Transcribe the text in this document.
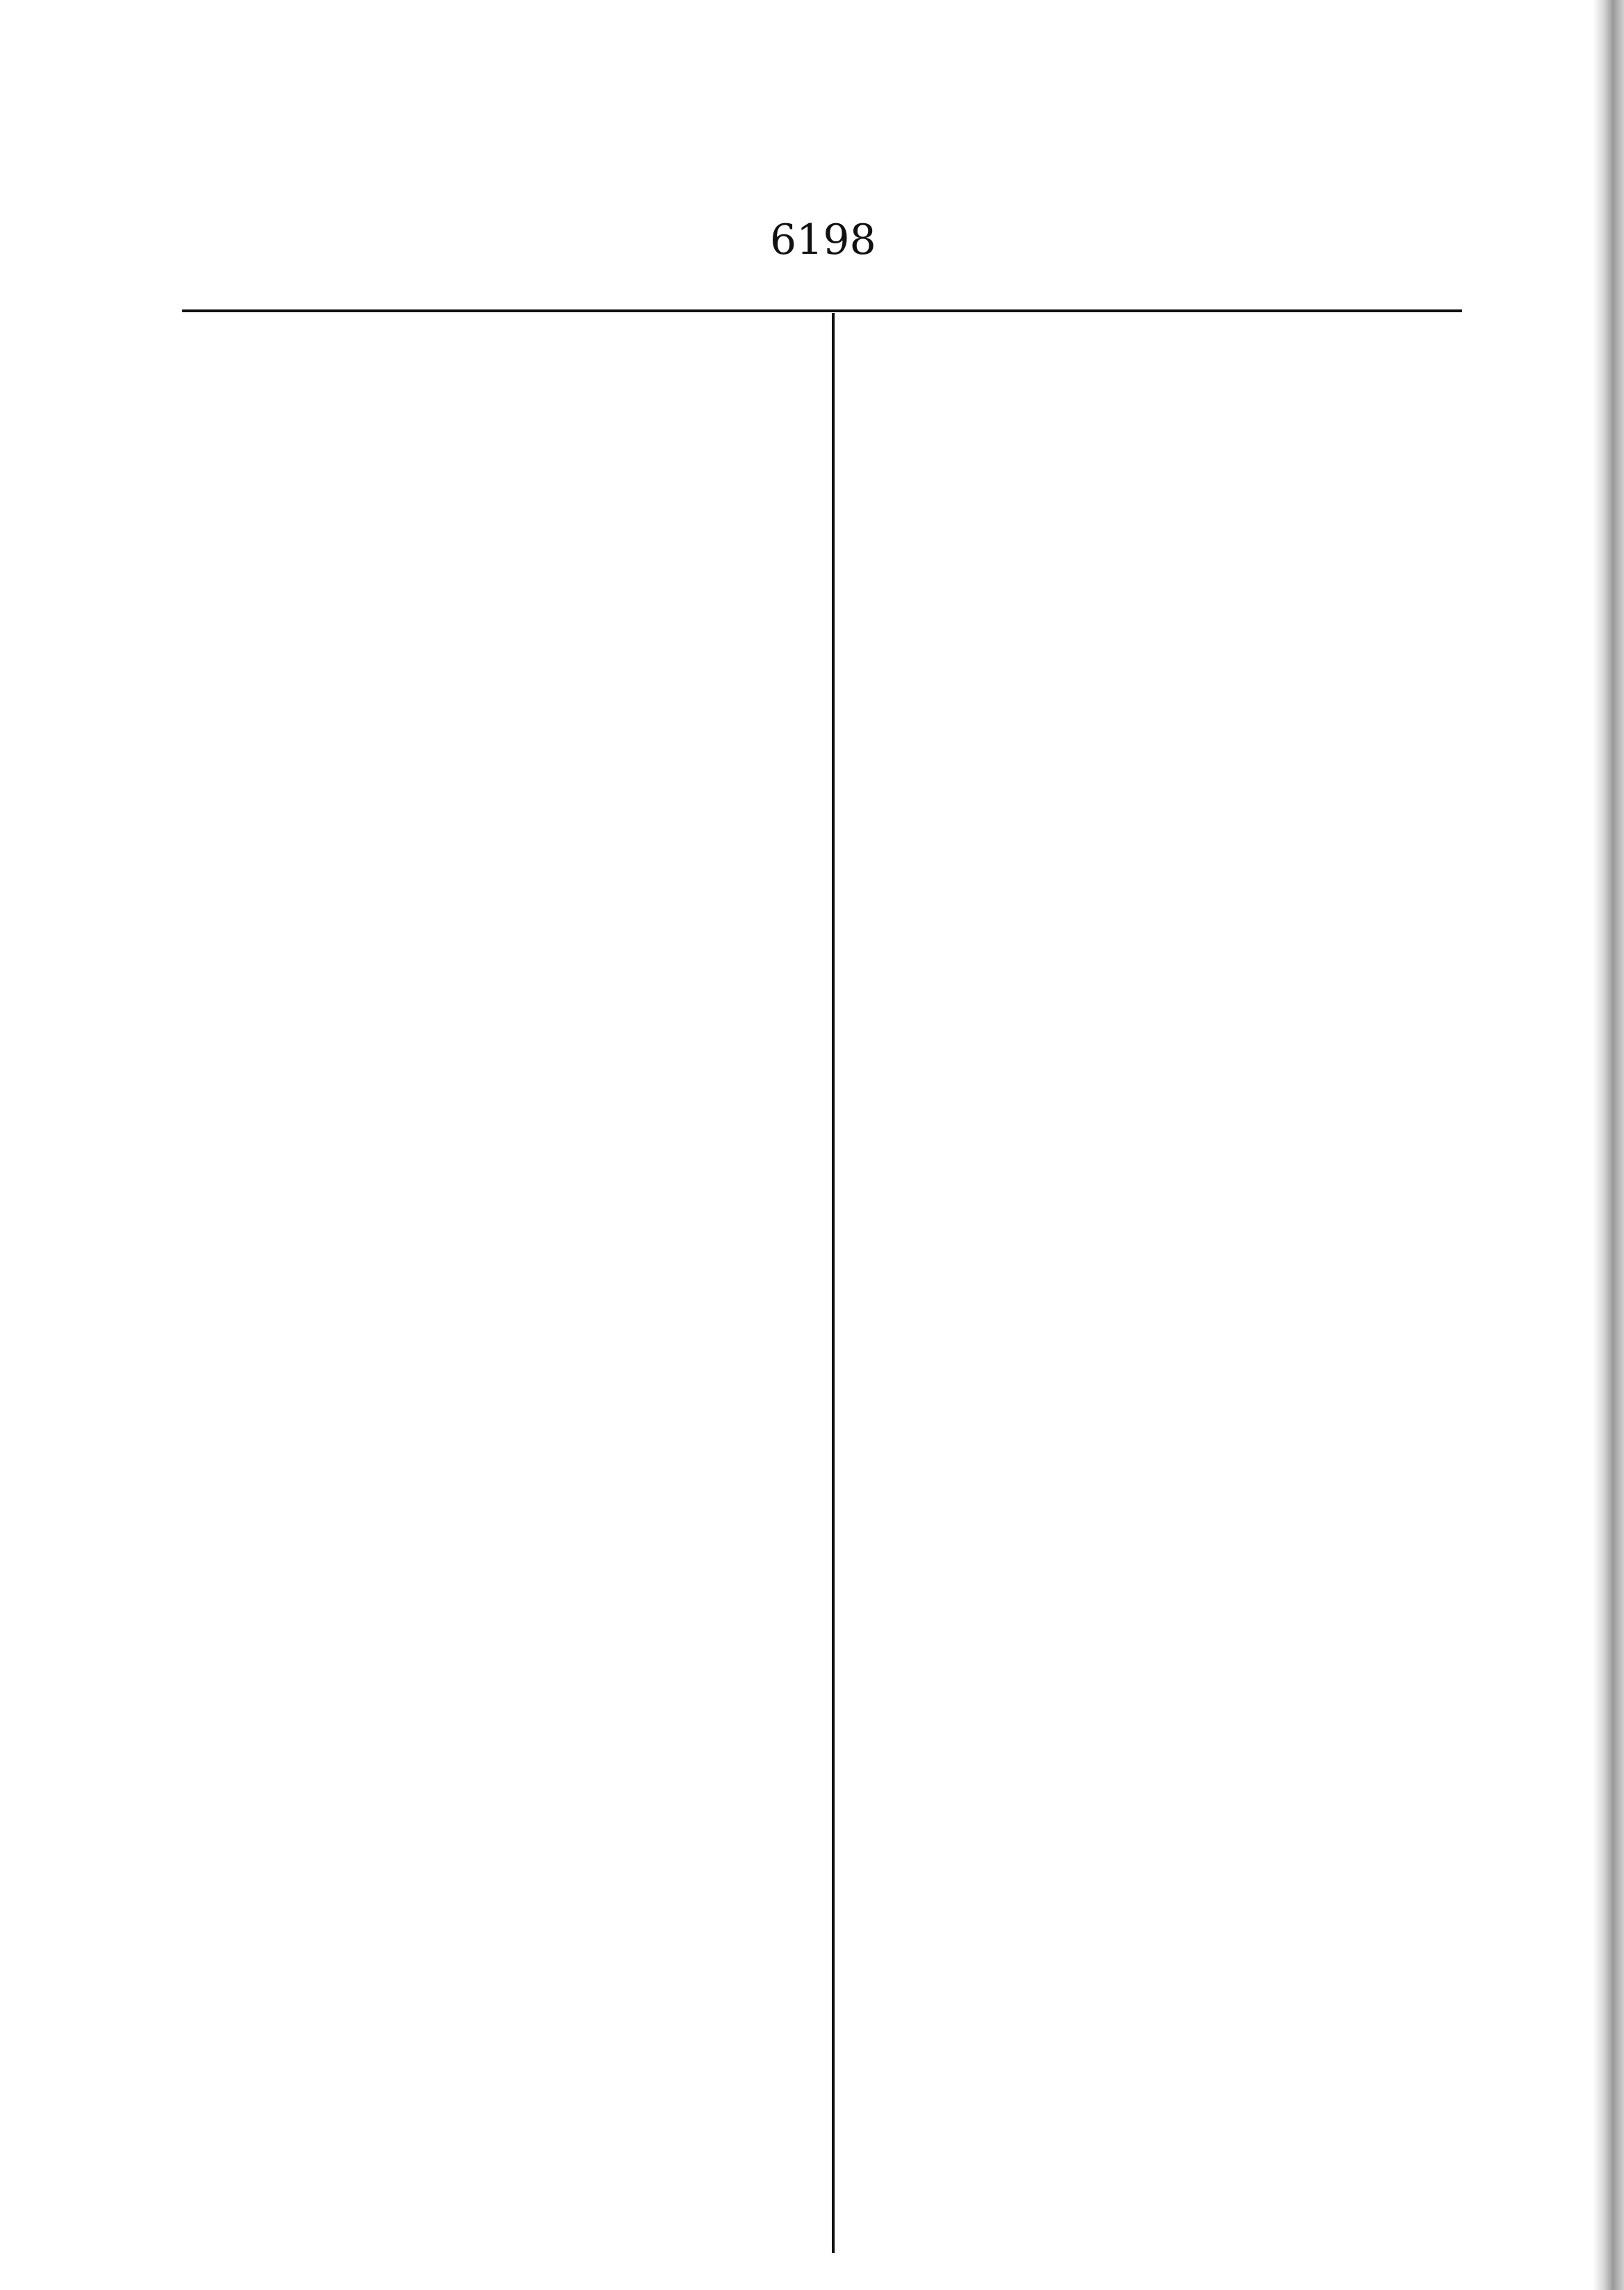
6198
